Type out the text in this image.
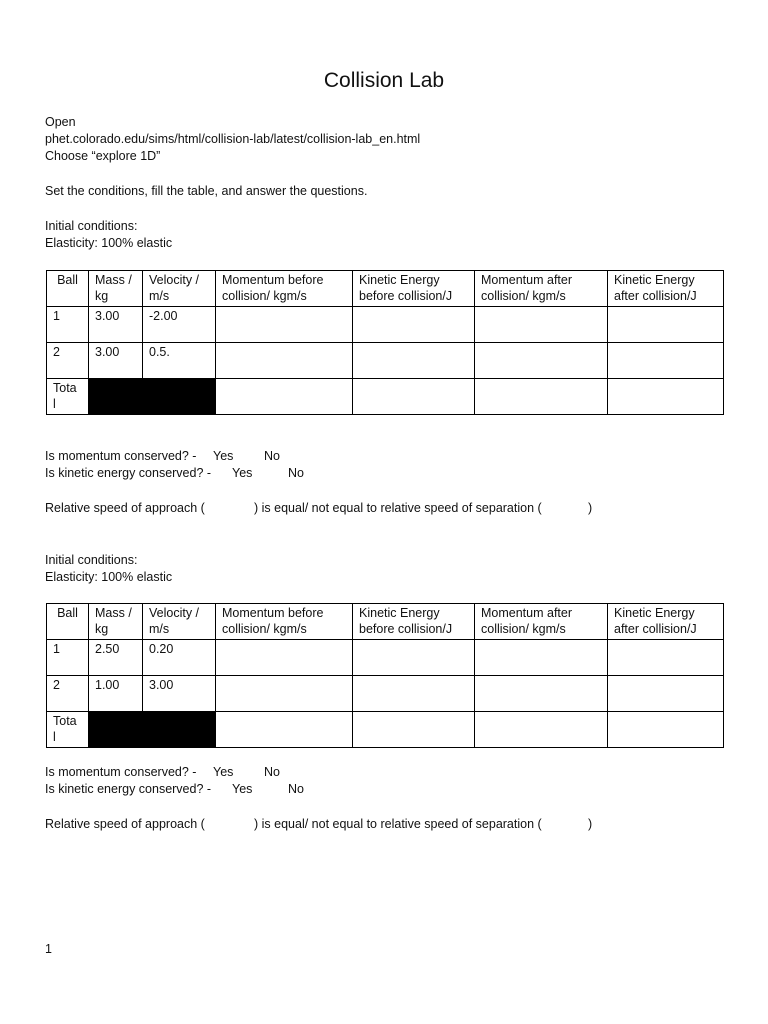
Collision Lab
Open
phet.colorado.edu/sims/html/collision-lab/latest/collision-lab_en.html
Choose “explore 1D”
Set the conditions, fill the table, and answer the questions.
Initial conditions:
Elasticity: 100% elastic
Ball	Mass / kg	Velocity / m/s	Momentum before collision/ kgm/s	Kinetic Energy before collision/J	Momentum after collision/ kgm/s	Kinetic Energy after collision/J
1	3.00	-2.00				
2	3.00	0.5.				
Tota l						
Is momentum conserved? - Yes No
Is kinetic energy conserved? - Yes	No
Relative speed of approach (	) is equal/ not equal to relative speed of separation (	)
Initial conditions:
Elasticity: 100% elastic
Ball	Mass / kg	Velocity / m/s	Momentum before collision/ kgm/s	Kinetic Energy before collision/J	Momentum after collision/ kgm/s	Kinetic Energy after collision/J
1	2.50	0.20				
2	1.00	3.00				
Tota l						
Is momentum conserved? - Yes No
Is kinetic energy conserved? - Yes	No
Relative speed of approach (	) is equal/ not equal to relative speed of separation (	)
1
